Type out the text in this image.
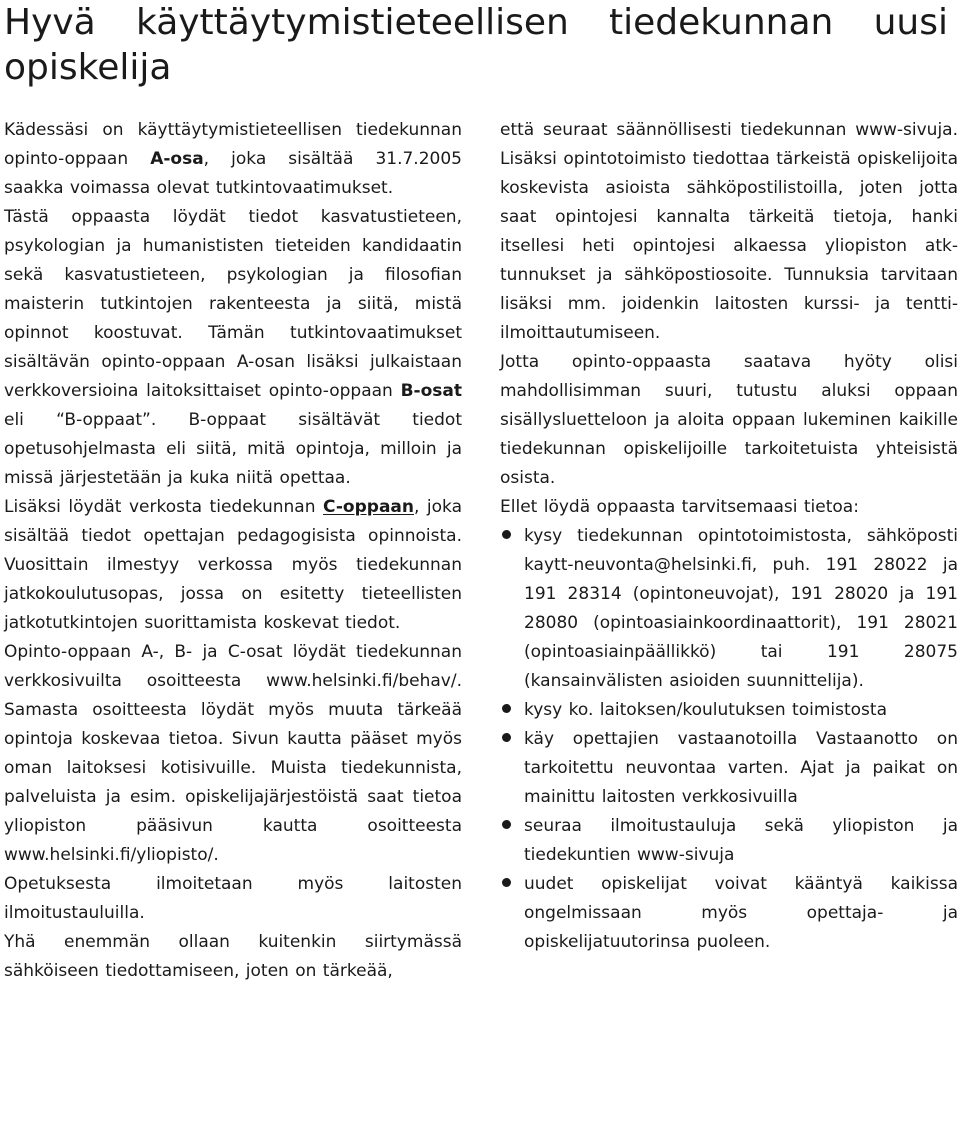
Hyvä käyttäytymistieteellisen tiedekunnan uusi opiskelija

Kädessäsi on käyttäytymistieteellisen tiedekunnan opinto-oppaan A-osa, joka sisältää 31.7.2005 saakka voimassa olevat tutkintovaatimukset.

Tästä oppaasta löydät tiedot kasvatustieteen, psykologian ja humanististen tieteiden kandidaatin sekä kasvatustieteen, psykologian ja filosofian maisterin tutkintojen rakenteesta ja siitä, mistä opinnot koostuvat. Tämän tutkintovaatimukset sisältävän opinto-oppaan A-osan lisäksi julkaistaan verkkoversioina laitoksittaiset opinto-oppaan B-osat eli “B-oppaat”. B-oppaat sisältävät tiedot opetusohjelmasta eli siitä, mitä opintoja, milloin ja missä järjestetään ja kuka niitä opettaa.

Lisäksi löydät verkosta tiedekunnan C-oppaan, joka sisältää tiedot opettajan pedagogisista opinnoista. Vuosittain ilmestyy verkossa myös tiedekunnan jatkokoulutusopas, jossa on esitetty tieteellisten jatkotutkintojen suorittamista koskevat tiedot.

Opinto-oppaan A-, B- ja C-osat löydät tiedekunnan verkkosivuilta osoitteesta www.helsinki.fi/behav/. Samasta osoitteesta löydät myös muuta tärkeää opintoja koskevaa tietoa. Sivun kautta pääset myös oman laitoksesi kotisivuille. Muista tiedekunnista, palveluista ja esim. opiskelijajärjestöistä saat tietoa yliopiston pääsivun kautta osoitteesta www.helsinki.fi/yliopisto/.

Opetuksesta ilmoitetaan myös laitosten ilmoitustauluilla.

Yhä enemmän ollaan kuitenkin siirtymässä sähköiseen tiedottamiseen, joten on tärkeää,

että seuraat säännöllisesti tiedekunnan www-sivuja. Lisäksi opintotoimisto tiedottaa tärkeistä opiskelijoita koskevista asioista sähköpostilistoilla, joten jotta saat opintojesi kannalta tärkeitä tietoja, hanki itsellesi heti opintojesi alkaessa yliopiston atk-tunnukset ja sähköpostiosoite. Tunnuksia tarvitaan lisäksi mm. joidenkin laitosten kurssi- ja tentti-ilmoittautumiseen.

Jotta opinto-oppaasta saatava hyöty olisi mahdollisimman suuri, tutustu aluksi oppaan sisällysluetteloon ja aloita oppaan lukeminen kaikille tiedekunnan opiskelijoille tarkoitetuista yhteisistä osista.

Ellet löydä oppaasta tarvitsemaasi tietoa:

kysy tiedekunnan opintotoimistosta, sähköposti kaytt-neuvonta@helsinki.fi, puh. 191 28022 ja 191 28314 (opintoneuvojat), 191 28020 ja 191 28080 (opintoasiainkoordinaattorit), 191 28021 (opintoasiainpäällikkö) tai 191 28075 (kansainvälisten asioiden suunnittelija).

kysy ko. laitoksen/koulutuksen toimistosta

käy opettajien vastaanotoilla Vastaanotto on tarkoitettu neuvontaa varten. Ajat ja paikat on mainittu laitosten verkkosivuilla

seuraa ilmoitustauluja sekä yliopiston ja tiedekuntien www-sivuja

uudet opiskelijat voivat kääntyä kaikissa ongelmissaan myös opettaja- ja opiskelijatuutorinsa puoleen.
